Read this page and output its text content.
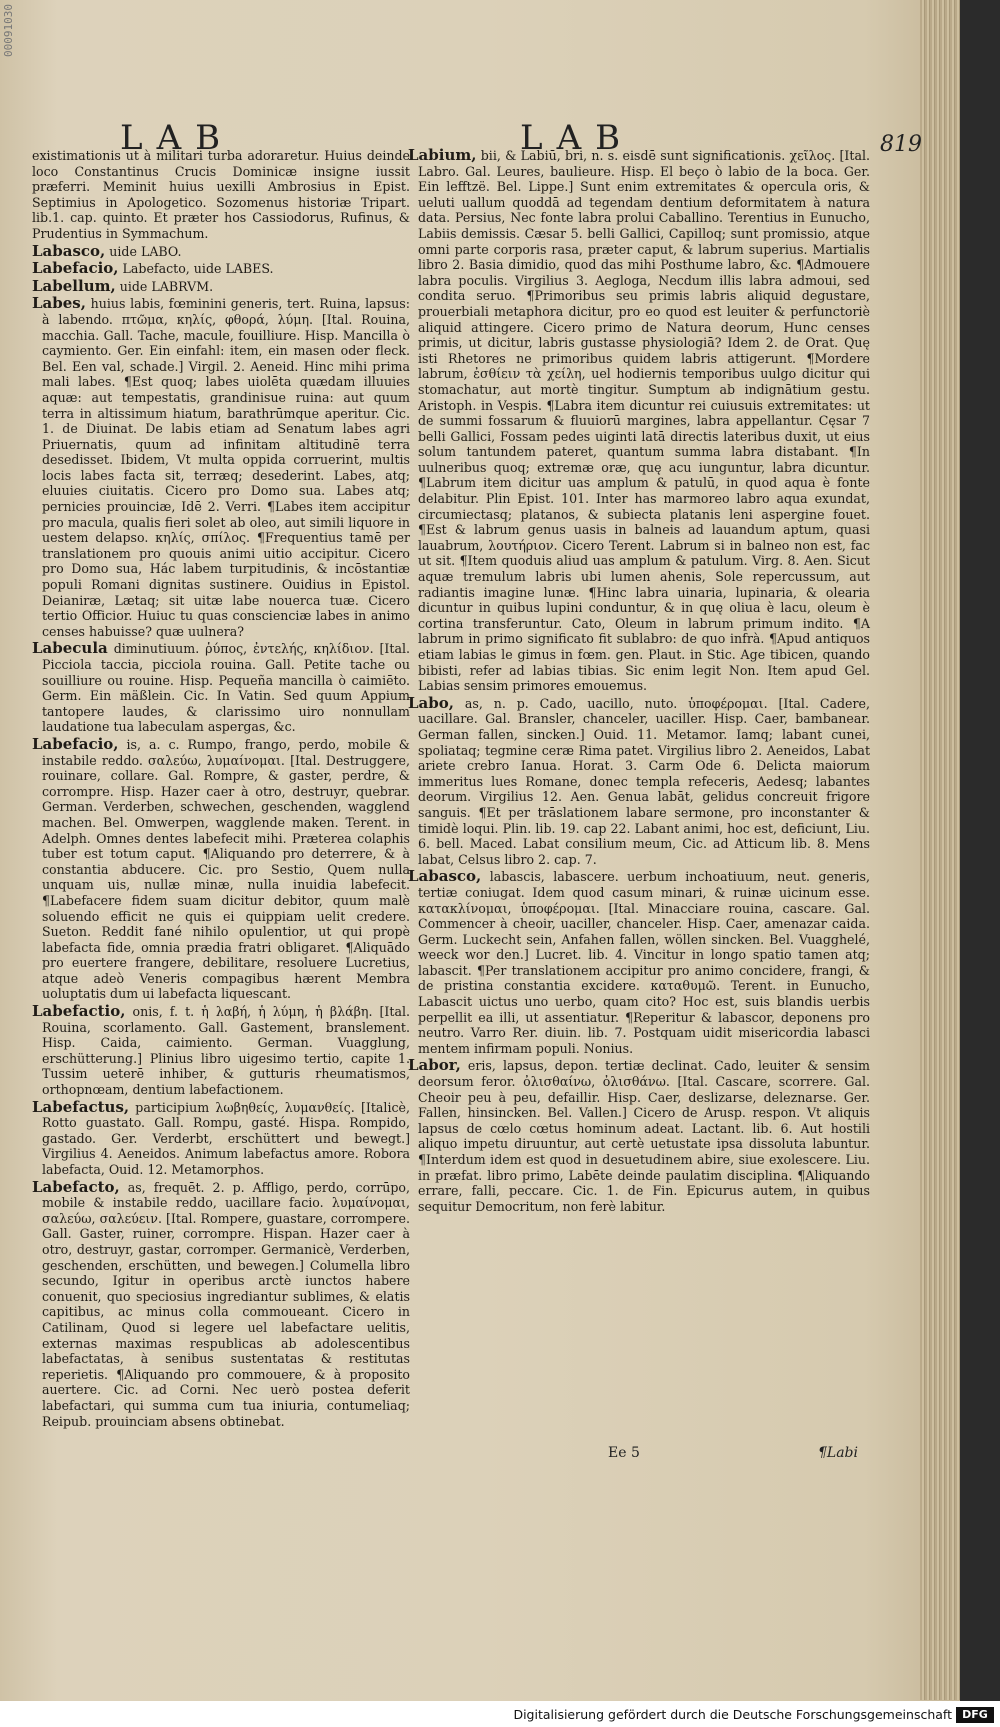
00091030
LAB	LAB	819

existimationis ut à militari turba adoraretur. Huius deinde loco Constantinus Crucis Dominicæ insigne iussit præferri. Meminit huius uexilli Ambrosius in Epist. Septimius in Apologetico. Sozomenus historiæ Tripart. lib.1. cap. quinto. Et præter hos Cassiodorus, Rufinus, & Prudentius in Symmachum.

Labasco, uide LABO.

Labefacio, Labefacto, uide LABES.

Labellum, uide LABRVM.

Labes, huius labis, fœminini generis, tert. Ruina, lapsus: à labendo. πτῶμα, κηλίς, φθορά, λύμη. [Ital. Rouina, macchia. Gall. Tache, macule, fouilliure. Hisp. Mancilla ò caymiento. Ger. Ein einfahl: item, ein masen oder fleck. Bel. Een val, schade.] Virgil. 2. Aeneid. Hinc mihi prima mali labes. ¶Est quoq; labes uiolēta quædam illuuies aquæ: aut tempestatis, grandinisue ruina: aut quum terra in altissimum hiatum, barathrūmque aperitur. Cic. 1. de Diuinat. De labis etiam ad Senatum labes agri Priuernatis, quum ad infinitam altitudinē terra desedisset. Ibidem, Vt multa oppida corruerint, multis locis labes facta sit, terræq; desederint. Labes, atq; eluuies ciuitatis. Cicero pro Domo sua. Labes atq; pernicies prouinciæ, Idē 2. Verri. ¶Labes item accipitur pro macula, qualis fieri solet ab oleo, aut simili liquore in uestem delapso. κηλίς, σπίλος. ¶Frequentius tamē per translationem pro quouis animi uitio accipitur. Cicero pro Domo sua, Hác labem turpitudinis, & incōstantiæ populi Romani dignitas sustinere. Ouidius in Epistol. Deianiræ, Lætaq; sit uitæ labe nouerca tuæ. Cicero tertio Officior. Huiuc tu quas conscienciæ labes in animo censes habuisse? quæ uulnera?

Labecula diminutiuum. ῥύπος, ἐντελής, κηλίδιον. [Ital. Picciola taccia, picciola rouina. Gall. Petite tache ou souilliure ou rouine. Hisp. Pequeña mancilla ò caimiēto. Germ. Ein mäßlein. Cic. In Vatin. Sed quum Appium tantopere laudes, & clarissimo uiro nonnullam laudatione tua labeculam aspergas, &c.

Labefacio, is, a. c. Rumpo, frango, perdo, mobile & instabile reddo. σαλεύω, λυμαίνομαι. [Ital. Destruggere, rouinare, collare. Gal. Rompre, & gaster, perdre, & corrompre. Hisp. Hazer caer à otro, destruyr, quebrar. German. Verderben, schwechen, geschenden, wagglend machen. Bel. Omwerpen, wagglende maken. Terent. in Adelph. Omnes dentes labefecit mihi. Præterea colaphis tuber est totum caput. ¶Aliquando pro deterrere, & à constantia abducere. Cic. pro Sestio, Quem nulla unquam uis, nullæ minæ, nulla inuidia labefecit. ¶Labefacere fidem suam dicitur debitor, quum malè soluendo efficit ne quis ei quippiam uelit credere. Sueton. Reddit fané nihilo opulentior, ut qui propè labefacta fide, omnia prædia fratri obligaret. ¶Aliquādo pro euertere frangere, debilitare, resoluere Lucretius, atque adeò Veneris compagibus hærent Membra uoluptatis dum ui labefacta liquescant.

Labefactio, onis, f. t. ἡ λαβή, ἡ λύμη, ἡ βλάβη. [Ital. Rouina, scorlamento. Gall. Gastement, branslement. Hisp. Caida, caimiento. German. Vuagglung, erschütterung.] Plinius libro uigesimo tertio, capite 1. Tussim ueterē inhiber, & gutturis rheumatismos, orthopnœam, dentium labefactionem.

Labefactus, participium λωβηθείς, λυμανθείς. [Italicè, Rotto guastato. Gall. Rompu, gasté. Hispa. Rompido, gastado. Ger. Verderbt, erschüttert und bewegt.] Virgilius 4. Aeneidos. Animum labefactus amore. Robora labefacta, Ouid. 12. Metamorphos.

Labefacto, as, frequēt. 2. p. Affligo, perdo, corrūpo, mobile & instabile reddo, uacillare facio. λυμαίνομαι, σαλεύω, σαλεύειν. [Ital. Rompere, guastare, corrompere. Gall. Gaster, ruiner, corrompre. Hispan. Hazer caer à otro, destruyr, gastar, corromper. Germanicè, Verderben, geschenden, erschütten, und bewegen.] Columella libro secundo, Igitur in operibus arctè iunctos habere conuenit, quo speciosius ingrediantur sublimes, & elatis capitibus, ac minus colla commoueant. Cicero in Catilinam, Quod si legere uel labefactare uelitis, externas maximas respublicas ab adolescentibus labefactatas, à senibus sustentatas & restitutas reperietis. ¶Aliquando pro commouere, & à proposito auertere. Cic. ad Corni. Nec uerò postea deferit labefactari, qui summa cum tua iniuria, contumeliaq; Reipub. prouinciam absens obtinebat.

Labium, bii, & Labiū, bri, n. s. eisdē sunt significationis. χεῖλος. [Ital. Labro. Gal. Leures, baulieure. Hisp. El beço ò labio de la boca. Ger. Ein lefftzë. Bel. Lippe.] Sunt enim extremitates & opercula oris, & ueluti uallum quoddā ad tegendam dentium deformitatem à natura data. Persius, Nec fonte labra prolui Caballino. Terentius in Eunucho, Labiis demissis. Cæsar 5. belli Gallici, Capilloq; sunt promissio, atque omni parte corporis rasa, præter caput, & labrum superius. Martialis libro 2. Basia dimidio, quod das mihi Posthume labro, &c. ¶Admouere labra poculis. Virgilius 3. Aegloga, Necdum illis labra admoui, sed condita seruo. ¶Primoribus seu primis labris aliquid degustare, prouerbiali metaphora dicitur, pro eo quod est leuiter & perfunctoriè aliquid attingere. Cicero primo de Natura deorum, Hunc censes primis, ut dicitur, labris gustasse physiologiā? Idem 2. de Orat. Quę isti Rhetores ne primoribus quidem labris attigerunt. ¶Mordere labrum, ἐσθίειν τὰ χείλη, uel hodiernis temporibus uulgo dicitur qui stomachatur, aut mortè tingitur. Sumptum ab indignātium gestu. Aristoph. in Vespis. ¶Labra item dicuntur rei cuiusuis extremitates: ut de summi fossarum & fluuiorū margines, labra appellantur. Cęsar 7 belli Gallici, Fossam pedes uiginti latā directis lateribus duxit, ut eius solum tantundem pateret, quantum summa labra distabant. ¶In uulneribus quoq; extremæ oræ, quę acu iunguntur, labra dicuntur. ¶Labrum item dicitur uas amplum & patulū, in quod aqua è fonte delabitur. Plin Epist. 101. Inter has marmoreo labro aqua exundat, circumiectasq; platanos, & subiecta platanis leni aspergine fouet. ¶Est & labrum genus uasis in balneis ad lauandum aptum, quasi lauabrum, λουτήριον. Cicero Terent. Labrum si in balneo non est, fac ut sit. ¶Item quoduis aliud uas amplum & patulum. Virg. 8. Aen. Sicut aquæ tremulum labris ubi lumen ahenis, Sole repercussum, aut radiantis imagine lunæ. ¶Hinc labra uinaria, lupinaria, & olearia dicuntur in quibus lupini conduntur, & in quę oliua è lacu, oleum è cortina transferuntur. Cato, Oleum in labrum primum indito. ¶A labrum in primo significato fit sublabro: de quo infrà. ¶Apud antiquos etiam labias le gimus in fœm. gen. Plaut. in Stic. Age tibicen, quando bibisti, refer ad labias tibias. Sic enim legit Non. Item apud Gel. Labias sensim primores emouemus.

Labo, as, n. p. Cado, uacillo, nuto. ὑποφέρομαι. [Ital. Cadere, uacillare. Gal. Bransler, chanceler, uaciller. Hisp. Caer, bambanear. German fallen, sincken.] Ouid. 11. Metamor. Iamq; labant cunei, spoliataq; tegmine ceræ Rima patet. Virgilius libro 2. Aeneidos, Labat ariete crebro Ianua. Horat. 3. Carm Ode 6. Delicta maiorum immeritus lues Romane, donec templa refeceris, Aedesq; labantes deorum. Virgilius 12. Aen. Genua labāt, gelidus concreuit frigore sanguis. ¶Et per trāslationem labare sermone, pro inconstanter & timidè loqui. Plin. lib. 19. cap 22. Labant animi, hoc est, deficiunt, Liu. 6. bell. Maced. Labat consilium meum, Cic. ad Atticum lib. 8. Mens labat, Celsus libro 2. cap. 7.

Labasco, labascis, labascere. uerbum inchoatiuum, neut. generis, tertiæ coniugat. Idem quod casum minari, & ruinæ uicinum esse. κατακλίνομαι, ὑποφέρομαι. [Ital. Minacciare rouina, cascare. Gal. Commencer à cheoir, uaciller, chanceler. Hisp. Caer, amenazar caida. Germ. Luckecht sein, Anfahen fallen, wöllen sincken. Bel. Vuagghelé, weeck wor den.] Lucret. lib. 4. Vincitur in longo spatio tamen atq; labascit. ¶Per translationem accipitur pro animo concidere, frangi, & de pristina constantia excidere. καταθυμῶ. Terent. in Eunucho, Labascit uictus uno uerbo, quam cito? Hoc est, suis blandis uerbis perpellit ea illi, ut assentiatur. ¶Reperitur & labascor, deponens pro neutro. Varro Rer. diuin. lib. 7. Postquam uidit misericordia labasci mentem infirmam populi. Nonius.

Labor, eris, lapsus, depon. tertiæ declinat. Cado, leuiter & sensim deorsum feror. ὀλισθαίνω, ὀλισθάνω. [Ital. Cascare, scorrere. Gal. Cheoir peu à peu, defaillir. Hisp. Caer, deslizarse, deleznarse. Ger. Fallen, hinsincken. Bel. Vallen.] Cicero de Arusp. respon. Vt aliquis lapsus de cœlo cœtus hominum adeat. Lactant. lib. 6. Aut hostili aliquo impetu diruuntur, aut certè uetustate ipsa dissoluta labuntur. ¶Interdum idem est quod in desuetudinem abire, siue exolescere. Liu. in præfat. libro primo, Labēte deinde paulatim disciplina. ¶Aliquando errare, falli, peccare. Cic. 1. de Fin. Epicurus autem, in quibus sequitur Democritum, non ferè labitur.

Ee 5	¶Labi
Digitalisierung gefördert durch die Deutsche Forschungsgemeinschaft DFG
